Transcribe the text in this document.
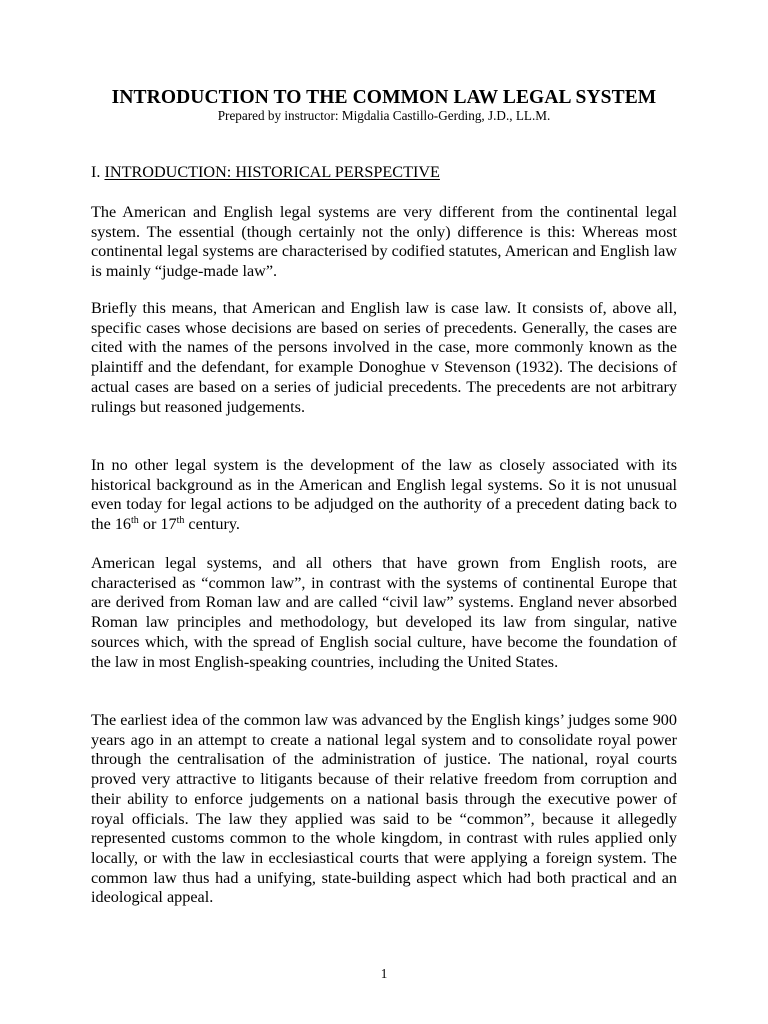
INTRODUCTION TO THE COMMON LAW LEGAL SYSTEM

Prepared by instructor: Migdalia Castillo-Gerding, J.D., LL.M.

I. INTRODUCTION: HISTORICAL PERSPECTIVE

The American and English legal systems are very different from the continental legal system. The essential (though certainly not the only) difference is this: Whereas most continental legal systems are characterised by codified statutes, American and English law is mainly “judge-made law”.

Briefly this means, that American and English law is case law. It consists of, above all, specific cases whose decisions are based on series of precedents. Generally, the cases are cited with the names of the persons involved in the case, more commonly known as the plaintiff and the defendant, for example Donoghue v Stevenson (1932). The decisions of actual cases are based on a series of judicial precedents. The precedents are not arbitrary rulings but reasoned judgements.

In no other legal system is the development of the law as closely associated with its historical background as in the American and English legal systems. So it is not unusual even today for legal actions to be adjudged on the authority of a precedent dating back to the 16th or 17th century.

American legal systems, and all others that have grown from English roots, are characterised as “common law”, in contrast with the systems of continental Europe that are derived from Roman law and are called “civil law” systems. England never absorbed Roman law principles and methodology, but developed its law from singular, native sources which, with the spread of English social culture, have become the foundation of the law in most English-speaking countries, including the United States.

The earliest idea of the common law was advanced by the English kings’ judges some 900 years ago in an attempt to create a national legal system and to consolidate royal power through the centralisation of the administration of justice. The national, royal courts proved very attractive to litigants because of their relative freedom from corruption and their ability to enforce judgements on a national basis through the executive power of royal officials. The law they applied was said to be “common”, because it allegedly represented customs common to the whole kingdom, in contrast with rules applied only locally, or with the law in ecclesiastical courts that were applying a foreign system. The common law thus had a unifying, state-building aspect which had both practical and an ideological appeal.

1
